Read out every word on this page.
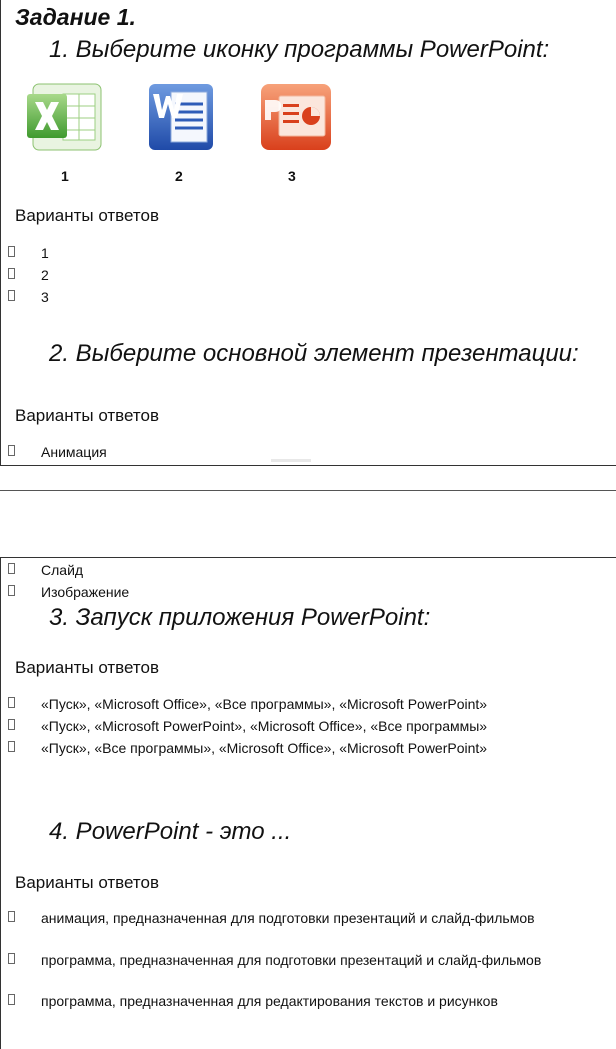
Задание 1.
1. Выберите иконку программы PowerPoint:
1	2	3
Варианты ответов
1
2
3
2. Выберите основной элемент презентации:
Варианты ответов
Анимация
Слайд
Изображение
3. Запуск приложения PowerPoint:
Варианты ответов
«Пуск», «Microsoft Office», «Все программы», «Microsoft PowerPoint»
«Пуск», «Microsoft PowerPoint», «Microsoft Office», «Все программы»
«Пуск», «Все программы», «Microsoft Office», «Microsoft PowerPoint»
4. PowerPoint - это ...
Варианты ответов
анимация, предназначенная для подготовки презентаций и слайд-фильмов
программа, предназначенная для подготовки презентаций и слайд-фильмов
программа, предназначенная для редактирования текстов и рисунков
